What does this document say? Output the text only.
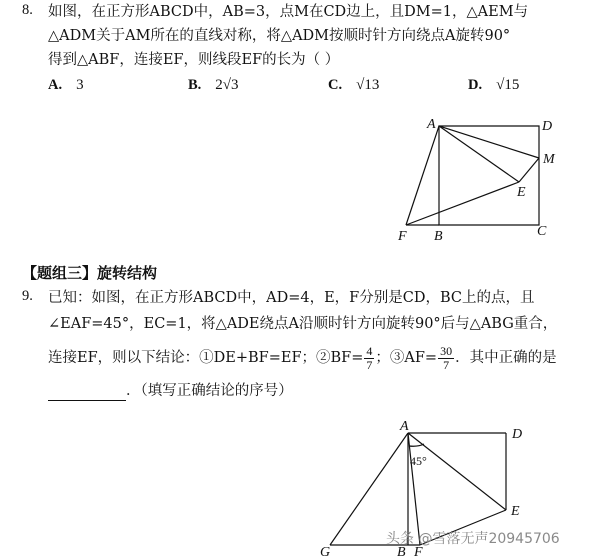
8. 如图，在正方形ABCD中，AB=3，点M在CD边上，且DM=1，△AEM与
△ADM关于AM所在的直线对称，将△ADM按顺时针方向绕点A旋转90°
得到△ABF，连接EF，则线段EF的长为（ ）
A. 3	B. 2√3	C. √13	D. √15
A	D
M
E
F B	C
A
D
E
G	B F
45°
【题组三】旋转结构
9. 已知：如图，在正方形ABCD中，AD=4，E，F分别是CD，BC上的点，且
∠EAF=45°，EC=1，将△ADE绕点A沿顺时针方向旋转90°后与△ABG重合，
连接EF，则以下结论：①DE+BF=EF；②BF= $\frac{4}{7}$ ；③AF= $\frac{30}{7}$ ．其中正确的是
．（填写正确结论的序号）
头条 @雪落无声20945706
